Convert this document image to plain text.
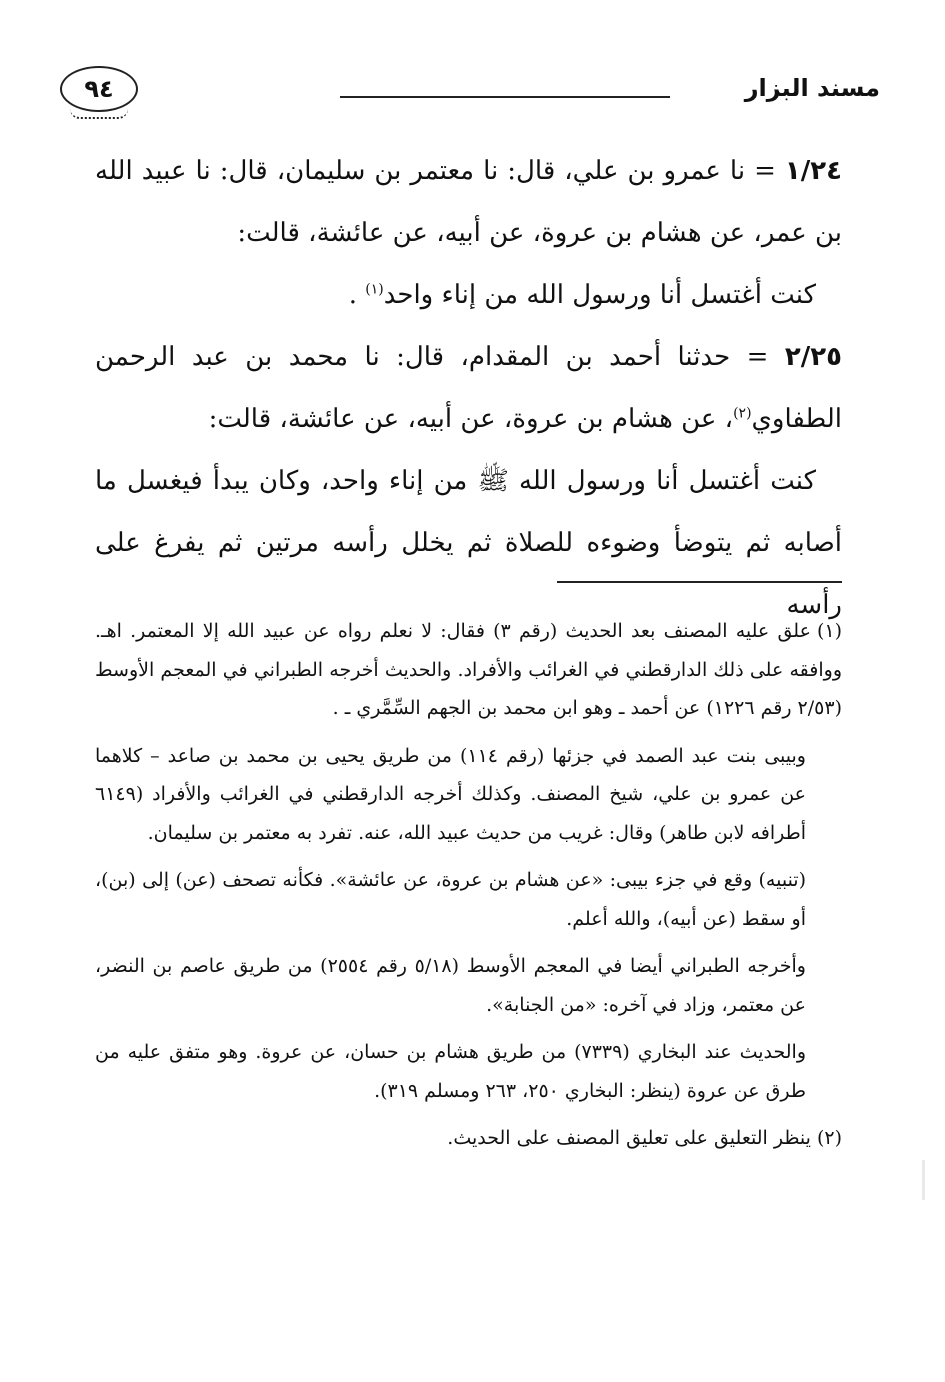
مسند البزار
٩٤

١/٢٤ = نا عمرو بن علي، قال: نا معتمر بن سليمان، قال: نا عبيد الله بن عمر، عن هشام بن عروة، عن أبيه، عن عائشة، قالت:

كنت أغتسل أنا ورسول الله من إناء واحد$^{(١)}$ .

٢/٢٥ = حدثنا أحمد بن المقدام، قال: نا محمد بن عبد الرحمن الطفاوي$^{(٢)}$، عن هشام بن عروة، عن أبيه، عن عائشة، قالت:

كنت أغتسل أنا ورسول الله ﷺ من إناء واحد، وكان يبدأ فيغسل ما أصابه ثم يتوضأ وضوءه للصلاة ثم يخلل رأسه مرتين ثم يفرغ على رأسه

(١)علق عليه المصنف بعد الحديث (رقم ٣) فقال: لا نعلم رواه عن عبيد الله إلا المعتمر. اهـ. ووافقه على ذلك الدارقطني في الغرائب والأفراد. والحديث أخرجه الطبراني في المعجم الأوسط (٢/٥٣ رقم ١٢٢٦) عن أحمد ـ وهو ابن محمد بن الجهم السِّمَّري ـ .

وبيبى بنت عبد الصمد في جزئها (رقم ١١٤) من طريق يحيى بن محمد بن صاعد – كلاهما عن عمرو بن علي، شيخ المصنف. وكذلك أخرجه الدارقطني في الغرائب والأفراد (٦١٤٩ أطرافه لابن طاهر) وقال: غريب من حديث عبيد الله، عنه. تفرد به معتمر بن سليمان.

(تنبيه) وقع في جزء بيبى: «عن هشام بن عروة، عن عائشة». فكأنه تصحف (عن) إلى (بن)، أو سقط (عن أبيه)، والله أعلم.

وأخرجه الطبراني أيضا في المعجم الأوسط (٥/١٨ رقم ٢٥٥٤) من طريق عاصم بن النضر، عن معتمر، وزاد في آخره: «من الجنابة».

والحديث عند البخاري (٧٣٣٩) من طريق هشام بن حسان، عن عروة. وهو متفق عليه من طرق عن عروة (ينظر: البخاري ٢٥٠، ٢٦٣ ومسلم ٣١٩).

(٢)ينظر التعليق على تعليق المصنف على الحديث.
